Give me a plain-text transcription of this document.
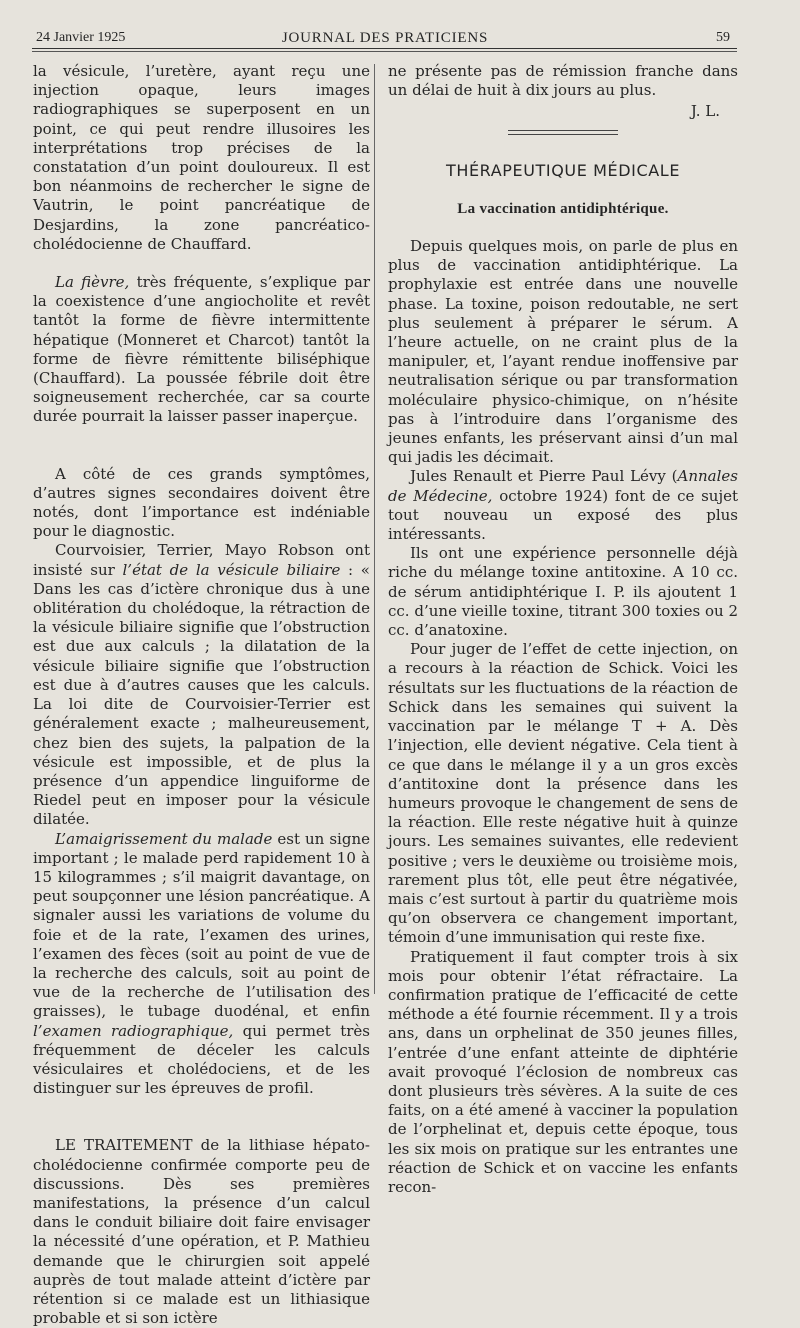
24 Janvier 1925	JOURNAL DES PRATICIENS	59

la vésicule, l’uretère, ayant reçu une injection opaque, leurs images radiographiques se superposent en un point, ce qui peut rendre illusoires les interprétations trop précises de la constatation d’un point douloureux. Il est bon néanmoins de rechercher le signe de Vautrin, le point pancréatique de Desjardins, la zone pancréatico-cholédocienne de Chauffard.

La fièvre, très fréquente, s’explique par la coexistence d’une angiocholite et revêt tantôt la forme de fièvre intermittente hépatique (Monneret et Charcot) tantôt la forme de fièvre rémittente biliséphique (Chauffard). La poussée fébrile doit être soigneusement recherchée, car sa courte durée pourrait la laisser passer inaperçue.

A côté de ces grands symptômes, d’autres signes secondaires doivent être notés, dont l’importance est indéniable pour le diagnostic.

Courvoisier, Terrier, Mayo Robson ont insisté sur l’état de la vésicule biliaire : « Dans les cas d’ictère chronique dus à une oblitération du cholédoque, la rétraction de la vésicule biliaire signifie que l’obstruction est due aux calculs ; la dilatation de la vésicule biliaire signifie que l’obstruction est due à d’autres causes que les calculs. La loi dite de Courvoisier-Terrier est généralement exacte ; malheureusement, chez bien des sujets, la palpation de la vésicule est impossible, et de plus la présence d’un appendice linguiforme de Riedel peut en imposer pour la vésicule dilatée.

L’amaigrissement du malade est un signe important ; le malade perd rapidement 10 à 15 kilogrammes ; s’il maigrit davantage, on peut soupçonner une lésion pancréatique. A signaler aussi les variations de volume du foie et de la rate, l’examen des urines, l’examen des fèces (soit au point de vue de la recherche des calculs, soit au point de vue de la recherche de l’utilisation des graisses), le tubage duodénal, et enfin l’examen radiographique, qui permet très fréquemment de déceler les calculs vésiculaires et cholédociens, et de les distinguer sur les épreuves de profil.

LE TRAITEMENT de la lithiase hépato-cholédocienne confirmée comporte peu de discussions. Dès ses premières manifestations, la présence d’un calcul dans le conduit biliaire doit faire envisager la nécessité d’une opération, et P. Mathieu demande que le chirurgien soit appelé auprès de tout malade atteint d’ictère par rétention si ce malade est un lithiasique probable et si son ictère

ne présente pas de rémission franche dans un délai de huit à dix jours au plus.

J. L.
THÉRAPEUTIQUE MÉDICALE
La vaccination antidiphtérique.

Depuis quelques mois, on parle de plus en plus de vaccination antidiphtérique. La prophylaxie est entrée dans une nouvelle phase. La toxine, poison redoutable, ne sert plus seulement à préparer le sérum. A l’heure actuelle, on ne craint plus de la manipuler, et, l’ayant rendue inoffensive par neutralisation sérique ou par transformation moléculaire physico-chimique, on n’hésite pas à l’introduire dans l’organisme des jeunes enfants, les préservant ainsi d’un mal qui jadis les décimait.

Jules Renault et Pierre Paul Lévy (Annales de Médecine, octobre 1924) font de ce sujet tout nouveau un exposé des plus intéressants.

Ils ont une expérience personnelle déjà riche du mélange toxine antitoxine. A 10 cc. de sérum antidiphtérique I. P. ils ajoutent 1 cc. d’une vieille toxine, titrant 300 toxies ou 2 cc. d’anatoxine.

Pour juger de l’effet de cette injection, on a recours à la réaction de Schick. Voici les résultats sur les fluctuations de la réaction de Schick dans les semaines qui suivent la vaccination par le mélange T + A. Dès l’injection, elle devient négative. Cela tient à ce que dans le mélange il y a un gros excès d’antitoxine dont la présence dans les humeurs provoque le changement de sens de la réaction. Elle reste négative huit à quinze jours. Les semaines suivantes, elle redevient positive ; vers le deuxième ou troisième mois, rarement plus tôt, elle peut être négativée, mais c’est surtout à partir du quatrième mois qu’on observera ce changement important, témoin d’une immunisation qui reste fixe.

Pratiquement il faut compter trois à six mois pour obtenir l’état réfractaire. La confirmation pratique de l’efficacité de cette méthode a été fournie récemment. Il y a trois ans, dans un orphelinat de 350 jeunes filles, l’entrée d’une enfant atteinte de diphtérie avait provoqué l’éclosion de nombreux cas dont plusieurs très sévères. A la suite de ces faits, on a été amené à vacciner la population de l’orphelinat et, depuis cette époque, tous les six mois on pratique sur les entrantes une réaction de Schick et on vaccine les enfants recon-
